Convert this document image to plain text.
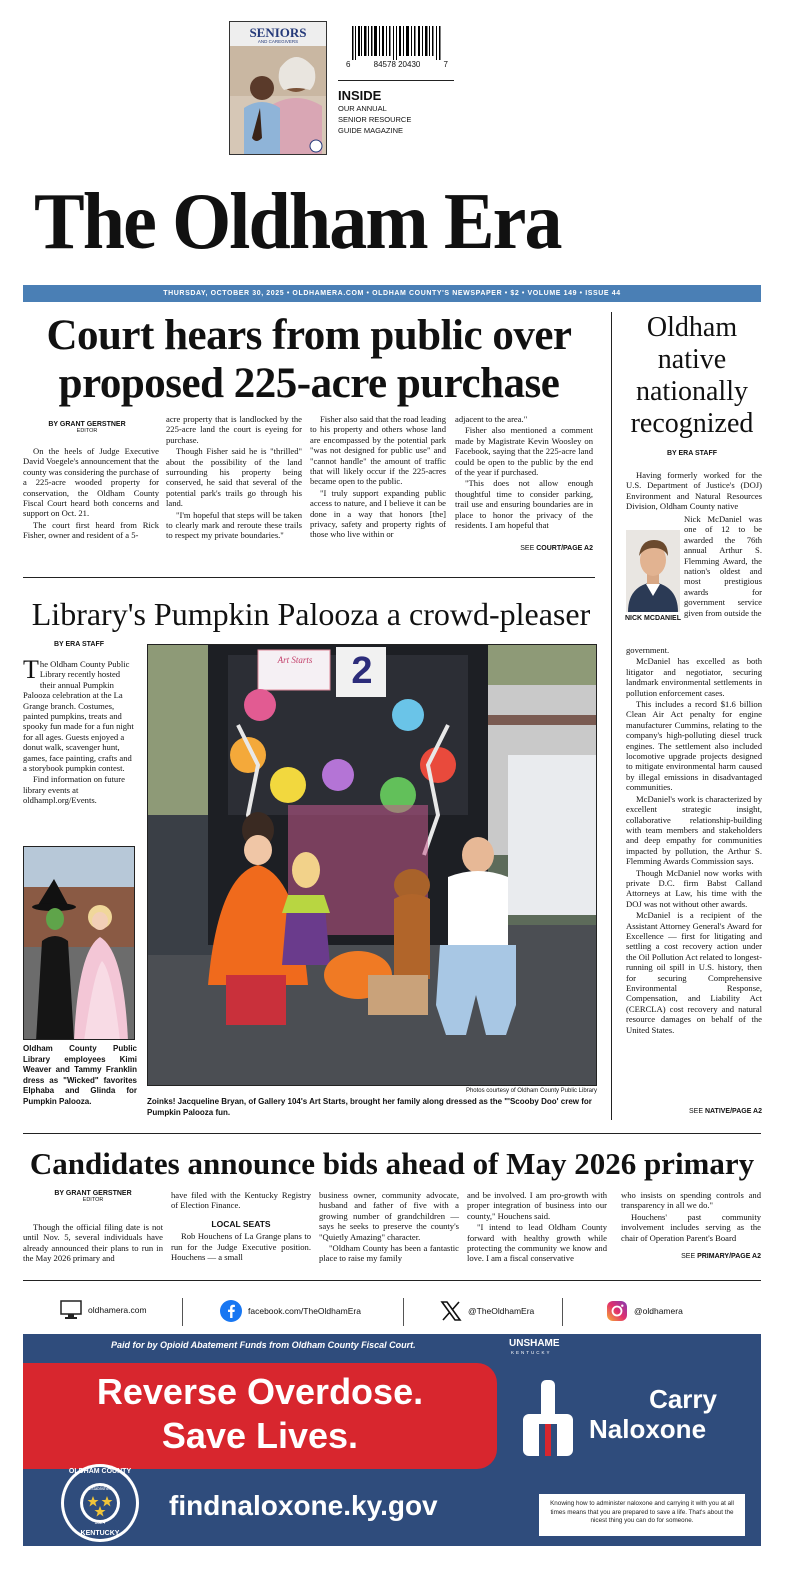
SENIORS
AND CAREGIVERS
6	84578 20430	7
INSIDE
OUR ANNUAL
SENIOR RESOURCE
GUIDE MAGAZINE
The Oldham Era
THURSDAY, OCTOBER 30, 2025 • OLDHAMERA.COM • OLDHAM COUNTY'S NEWSPAPER • $2 • VOLUME 149 • ISSUE 44
Court hears from public over proposed 225-acre purchase
BY GRANT GERSTNER
EDITOR

On the heels of Judge Executive David Voegele's announcement that the county was considering the purchase of a 225-acre wooded property for conservation, the Oldham County Fiscal Court heard both concerns and support on Oct. 21.

The court first heard from Rick Fisher, owner and resident of a 5-

acre property that is landlocked by the 225-acre land the court is eyeing for purchase.

Though Fisher said he is "thrilled" about the possibility of the land surrounding his property being conserved, he said that several of the potential park's trails go through his land.

"I'm hopeful that steps will be taken to clearly mark and reroute these trails to respect my private boundaries."

Fisher also said that the road leading to his property and others whose land are encompassed by the potential park "was not designed for public use" and "cannot handle" the amount of traffic that will likely occur if the 225-acres became open to the public.

"I truly support expanding public access to nature, and I believe it can be done in a way that honors [the] privacy, safety and property rights of those who live within or

adjacent to the area."

Fisher also mentioned a comment made by Magistrate Kevin Woosley on Facebook, saying that the 225-acre land could be open to the public by the end of the year if purchased.

"This does not allow enough thoughtful time to consider parking, trail use and ensuring boundaries are in place to honor the privacy of the residents. I am hopeful that

SEE COURT/PAGE A2
Oldham native nationally recognized
BY ERA STAFF
Having formerly worked for the U.S. Department of Justice's (DOJ) Environment and Natural Resources Division, Oldham County native
Nick McDaniel was one of 12 to be awarded the 76th annual Arthur S. Flemming Award, the nation's oldest and most prestigious awards for government service given from outside the
NICK MCDANIEL

government.

McDaniel has excelled as both litigator and negotiator, securing landmark environmental settlements in pollution enforcement cases.

This includes a record $1.6 billion Clean Air Act penalty for engine manufacturer Cummins, relating to the company's high-polluting diesel truck engines. The settlement also included locomotive upgrade projects designed to mitigate environmental harm caused by illegal emissions in disadvantaged communities.

McDaniel's work is characterized by excellent strategic insight, collaborative relationship-building with team members and stakeholders and deep empathy for communities impacted by pollution, the Arthur S. Flemming Awards Commission says.

Though McDaniel now works with private D.C. firm Babst Calland Attorneys at Law, his time with the DOJ was not without other awards.

McDaniel is a recipient of the Assistant Attorney General's Award for Excellence — first for litigating and settling a cost recovery action under the Oil Pollution Act related to longest-running oil spill in U.S. history, then for securing Comprehensive Environmental Response, Compensation, and Liability Act (CERCLA) cost recovery and natural resource damages on behalf of the United States.

SEE NATIVE/PAGE A2
Library's Pumpkin Palooza a crowd-pleaser
BY ERA STAFF
T he Oldham County Public Library recently hosted their annual Pumpkin Palooza celebration at the La Grange branch. Costumes, painted pumpkins, treats and spooky fun made for a fun night for all ages. Guests enjoyed a donut walk, scavenger hunt, games, face painting, crafts and a storybook pumpkin contest.

Find information on future library events at oldhampl.org/Events.

Oldham County Public Library employees Kimi Weaver and Tammy Franklin dress as "Wicked" favorites Elphaba and Glinda for Pumpkin Palooza.
Art Starts	2
Photos courtesy of Oldham County Public Library
Zoinks! Jacqueline Bryan, of Gallery 104's Art Starts, brought her family along dressed as the "'Scooby Doo' crew for Pumpkin Palooza fun.
Candidates announce bids ahead of May 2026 primary
BY GRANT GERSTNER
EDITOR

Though the official filing date is not until Nov. 5, several individuals have already announced their plans to run in the May 2026 primary and

have filed with the Kentucky Registry of Election Finance.

LOCAL SEATS

Rob Houchens of La Grange plans to run for the Judge Executive position. Houchens — a small

business owner, community advocate, husband and father of five with a growing number of grandchildren — says he seeks to preserve the county's "Quietly Amazing" character.

"Oldham County has been a fantastic place to raise my family

and be involved. I am pro-growth with proper integration of business into our county," Houchens said.

"I intend to lead Oldham County forward with healthy growth while protecting the community we know and love. I am a fiscal conservative

who insists on spending controls and transparency in all we do."

Houchens' past community involvement includes serving as the chair of Operation Parent's Board

SEE PRIMARY/PAGE A2
oldhamera.com	facebook.com/TheOldhamEra	@TheOldhamEra	@oldhamera
Paid for by Opioid Abatement Funds from Oldham County Fiscal Court.	UNSHAME
KENTUCKY
Reverse Overdose.
Save Lives.
Carry
Naloxone
OLDHAM COUNTY
Established
1824
KENTUCKY
findnaloxone.ky.gov	Knowing how to administer naloxone and carrying it with you at all times means that you are prepared to save a life. That's about the nicest thing you can do for someone.
